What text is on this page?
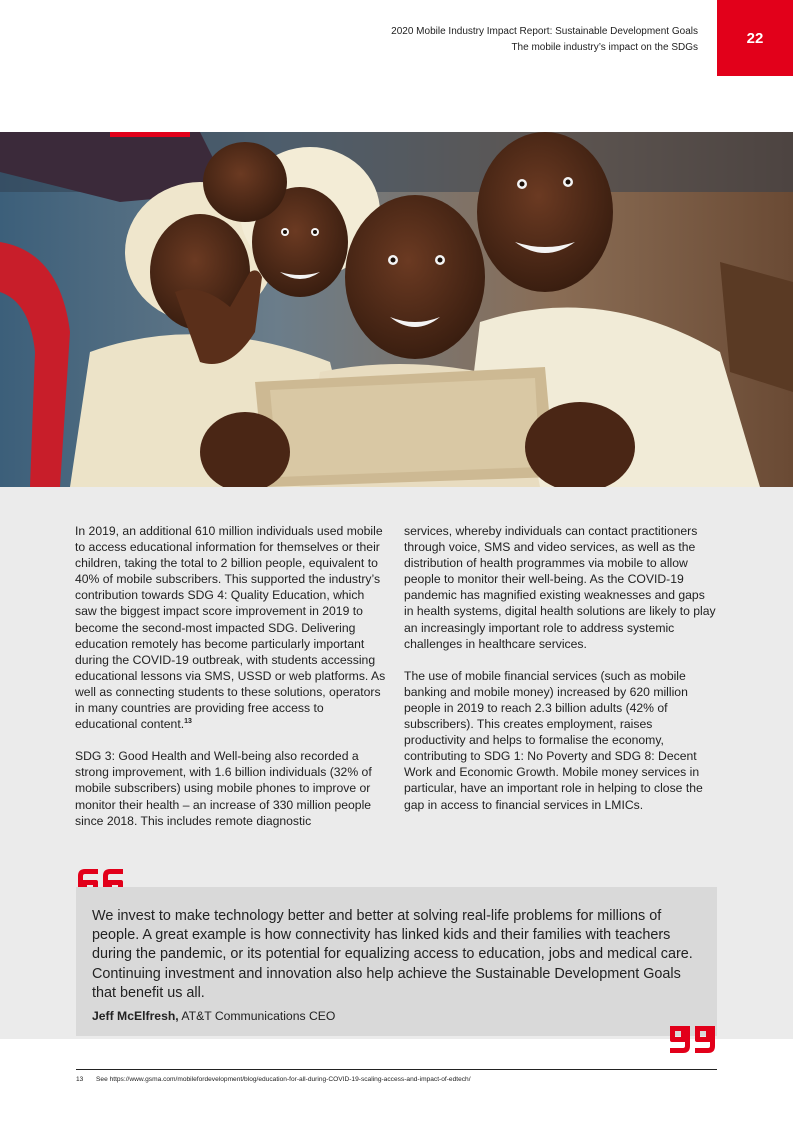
2020 Mobile Industry Impact Report: Sustainable Development Goals
The mobile industry’s impact on the SDGs
22

In 2019, an additional 610 million individuals used mobile to access educational information for themselves or their children, taking the total to 2 billion people, equivalent to 40% of mobile subscribers. This supported the industry’s contribution towards SDG 4: Quality Education, which saw the biggest impact score improvement in 2019 to become the second-most impacted SDG. Delivering education remotely has become particularly important during the COVID-19 outbreak, with students accessing educational lessons via SMS, USSD or web platforms. As well as connecting students to these solutions, operators in many countries are providing free access to educational content.$^{13}$

SDG 3: Good Health and Well-being also recorded a strong improvement, with 1.6 billion individuals (32% of mobile subscribers) using mobile phones to improve or monitor their health – an increase of 330 million people since 2018. This includes remote diagnostic

services, whereby individuals can contact practitioners through voice, SMS and video services, as well as the distribution of health programmes via mobile to allow people to monitor their well-being. As the COVID-19 pandemic has magnified existing weaknesses and gaps in health systems, digital health solutions are likely to play an increasingly important role to address systemic challenges in healthcare services.

The use of mobile financial services (such as mobile banking and mobile money) increased by 620 million people in 2019 to reach 2.3 billion adults (42% of subscribers). This creates employment, raises productivity and helps to formalise the economy, contributing to SDG 1: No Poverty and SDG 8: Decent Work and Economic Growth. Mobile money services in particular, have an important role in helping to close the gap in access to financial services in LMICs.

We invest to make technology better and better at solving real-life problems for millions of people. A great example is how connectivity has linked kids and their families with teachers during the pandemic, or its potential for equalizing access to education, jobs and medical care. Continuing investment and innovation also help achieve the Sustainable Development Goals that benefit us all.
Jeff McElfresh, AT&T Communications CEO
13 See https://www.gsma.com/mobilefordevelopment/blog/education-for-all-during-COVID-19-scaling-access-and-impact-of-edtech/
